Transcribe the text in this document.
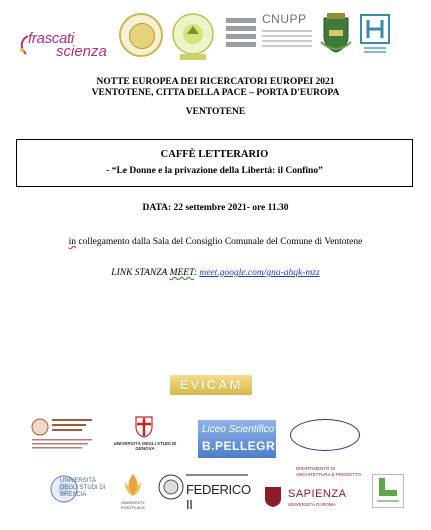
frascati
scienza
CNUPP
NOTTE EUROPEA DEI RICERCATORI EUROPEI 2021
VENTOTENE, CITTA DELLA PACE – PORTA D'EUROPA
VENTOTENE
CAFFÈ LETTERARIO
- “Le Donne e la privazione della Libertà: il Confino”
DATA: 22 settembre 2021- ore 11.30
in collegamento dalla Sala del Consiglio Comunale del Comune di Ventotene
LINK STANZA MEET: meet.google.com/gna-ahqk-mzz
EVICAM
UNIVERSITÀ DEGLI STUDI DI GENOVA
Liceo Scientifico
B.PELLEGRINA
UNIVERSITÀ DEGLI STUDI DI BRESCIA
UNIVERSITY POSTPLACE
FEDERICO II
DIPARTIMENTO DI ARCHITETTURA E PROGETTO
SAPIENZA
UNIVERSITÀ DI ROMA
